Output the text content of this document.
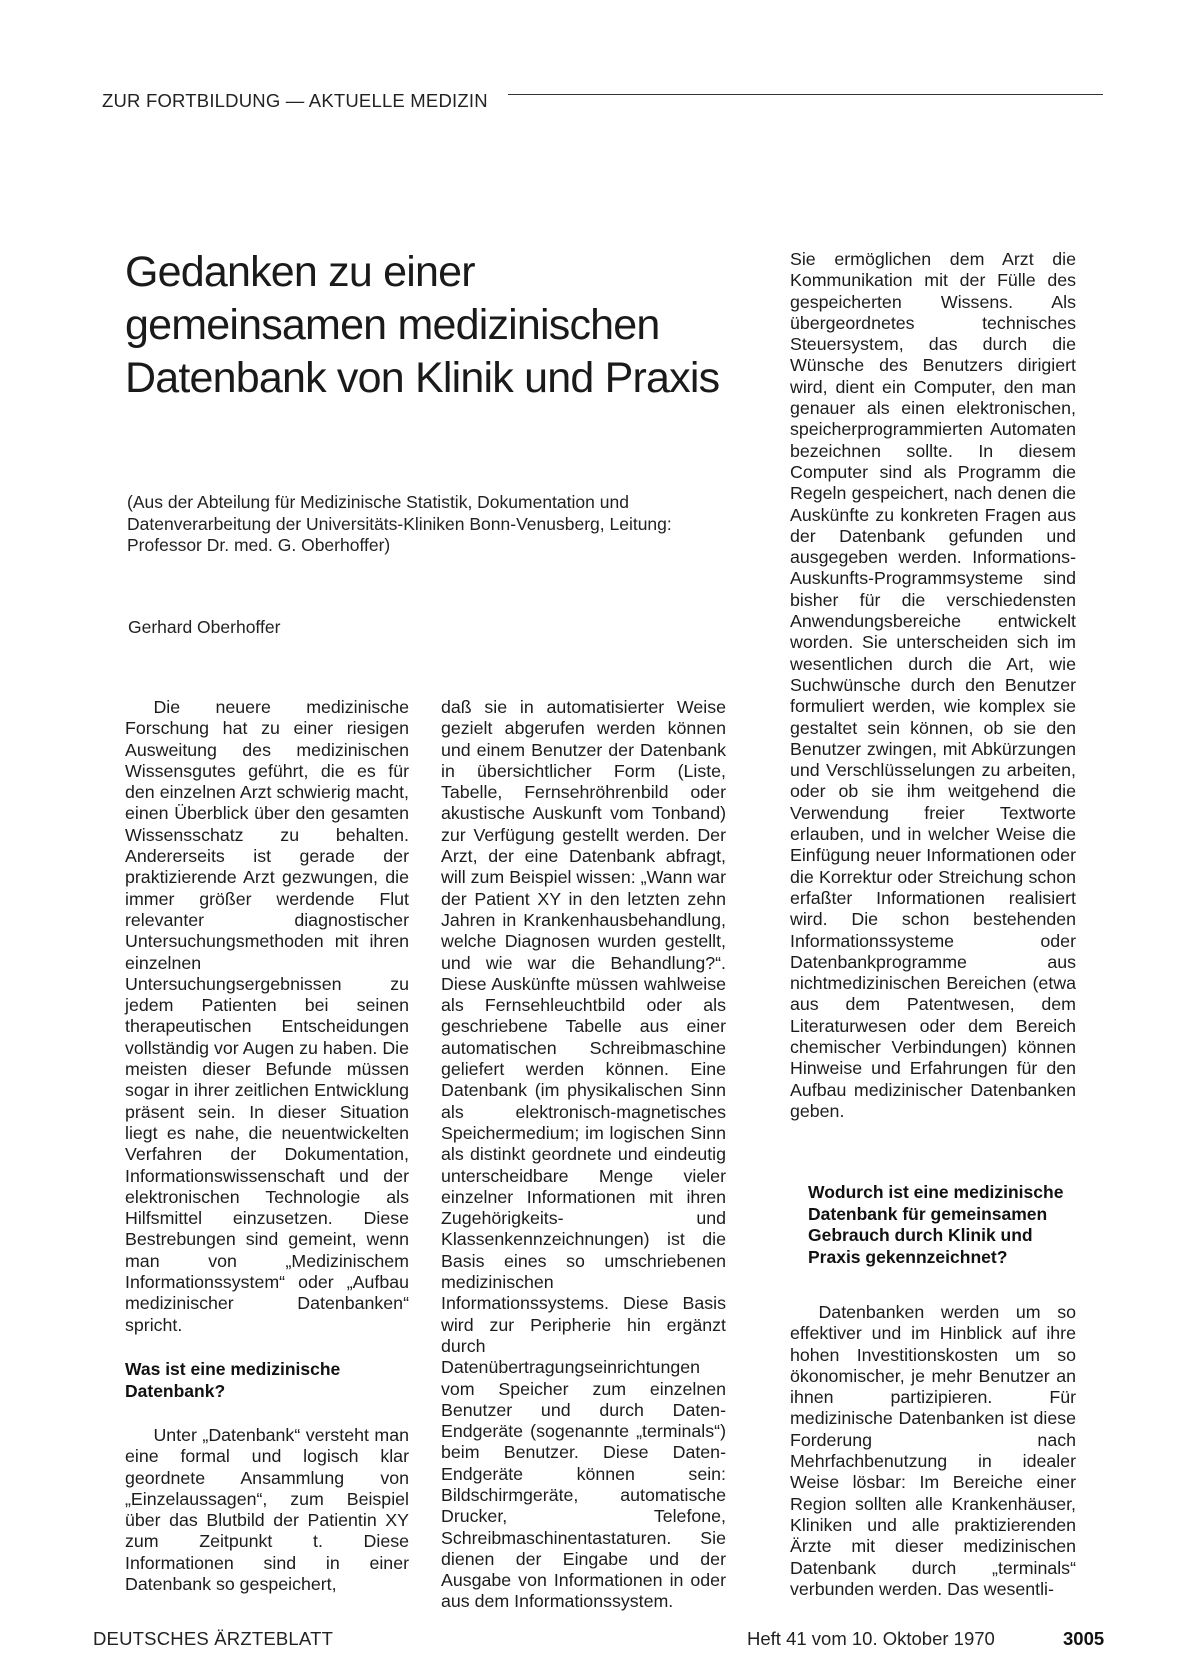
ZUR FORTBILDUNG — AKTUELLE MEDIZIN
Gedanken zu einer gemeinsamen medizinischen Datenbank von Klinik und Praxis

(Aus der Abteilung für Medizinische Statistik, Dokumentation und Datenverarbeitung der Universitäts-Kliniken Bonn-Venusberg, Leitung: Professor Dr. med. G. Oberhoffer)

Gerhard Oberhoffer

Die neuere medizinische Forschung hat zu einer riesigen Ausweitung des medizinischen Wissensgutes geführt, die es für den einzelnen Arzt schwierig macht, einen Überblick über den gesamten Wissensschatz zu behalten. Andererseits ist gerade der praktizierende Arzt gezwungen, die immer größer werdende Flut relevanter diagnostischer Untersuchungsmethoden mit ihren einzelnen Untersuchungsergebnissen zu jedem Patienten bei seinen therapeutischen Entscheidungen vollständig vor Augen zu haben. Die meisten dieser Befunde müssen sogar in ihrer zeitlichen Entwicklung präsent sein. In dieser Situation liegt es nahe, die neuentwickelten Verfahren der Dokumentation, Informationswissenschaft und der elektronischen Technologie als Hilfsmittel einzusetzen. Diese Bestrebungen sind gemeint, wenn man von „Medizinischem Informationssystem“ oder „Aufbau medizinischer Datenbanken“ spricht.

Was ist eine medizinische Datenbank?

Unter „Datenbank“ versteht man eine formal und logisch klar geordnete Ansammlung von „Einzelaussagen“, zum Beispiel über das Blutbild der Patientin XY zum Zeitpunkt t. Diese Informationen sind in einer Datenbank so gespeichert,

daß sie in automatisierter Weise gezielt abgerufen werden können und einem Benutzer der Datenbank in übersichtlicher Form (Liste, Tabelle, Fernsehröhrenbild oder akustische Auskunft vom Tonband) zur Verfügung gestellt werden. Der Arzt, der eine Datenbank abfragt, will zum Beispiel wissen: „Wann war der Patient XY in den letzten zehn Jahren in Krankenhausbehandlung, welche Diagnosen wurden gestellt, und wie war die Behandlung?“. Diese Auskünfte müssen wahlweise als Fernsehleuchtbild oder als geschriebene Tabelle aus einer automatischen Schreibmaschine geliefert werden können. Eine Datenbank (im physikalischen Sinn als elektronisch-magnetisches Speichermedium; im logischen Sinn als distinkt geordnete und eindeutig unterscheidbare Menge vieler einzelner Informationen mit ihren Zugehörigkeits- und Klassenkennzeichnungen) ist die Basis eines so umschriebenen medizinischen Informationssystems. Diese Basis wird zur Peripherie hin ergänzt durch Datenübertragungseinrichtungen vom Speicher zum einzelnen Benutzer und durch Daten-Endgeräte (sogenannte „terminals“) beim Benutzer. Diese Daten-Endgeräte können sein: Bildschirmgeräte, automatische Drucker, Telefone, Schreibmaschinentastaturen. Sie dienen der Eingabe und der Ausgabe von Informationen in oder aus dem Informationssystem.

Sie ermöglichen dem Arzt die Kommunikation mit der Fülle des gespeicherten Wissens. Als übergeordnetes technisches Steuersystem, das durch die Wünsche des Benutzers dirigiert wird, dient ein Computer, den man genauer als einen elektronischen, speicherprogrammierten Automaten bezeichnen sollte. In diesem Computer sind als Programm die Regeln gespeichert, nach denen die Auskünfte zu konkreten Fragen aus der Datenbank gefunden und ausgegeben werden. Informations-Auskunfts-Programmsysteme sind bisher für die verschiedensten Anwendungsbereiche entwickelt worden. Sie unterscheiden sich im wesentlichen durch die Art, wie Suchwünsche durch den Benutzer formuliert werden, wie komplex sie gestaltet sein können, ob sie den Benutzer zwingen, mit Abkürzungen und Verschlüsselungen zu arbeiten, oder ob sie ihm weitgehend die Verwendung freier Textworte erlauben, und in welcher Weise die Einfügung neuer Informationen oder die Korrektur oder Streichung schon erfaßter Informationen realisiert wird. Die schon bestehenden Informationssysteme oder Datenbankprogramme aus nichtmedizinischen Bereichen (etwa aus dem Patentwesen, dem Literaturwesen oder dem Bereich chemischer Verbindungen) können Hinweise und Erfahrungen für den Aufbau medizinischer Datenbanken geben.

Wodurch ist eine medizinische Datenbank für gemeinsamen Gebrauch durch Klinik und Praxis gekennzeichnet?

Datenbanken werden um so effektiver und im Hinblick auf ihre hohen Investitionskosten um so ökonomischer, je mehr Benutzer an ihnen partizipieren. Für medizinische Datenbanken ist diese Forderung nach Mehrfachbenutzung in idealer Weise lösbar: Im Bereiche einer Region sollten alle Krankenhäuser, Kliniken und alle praktizierenden Ärzte mit dieser medizinischen Datenbank durch „terminals“ verbunden werden. Das wesentli-

DEUTSCHES ÄRZTEBLATT	Heft 41 vom 10. Oktober 1970	3005
